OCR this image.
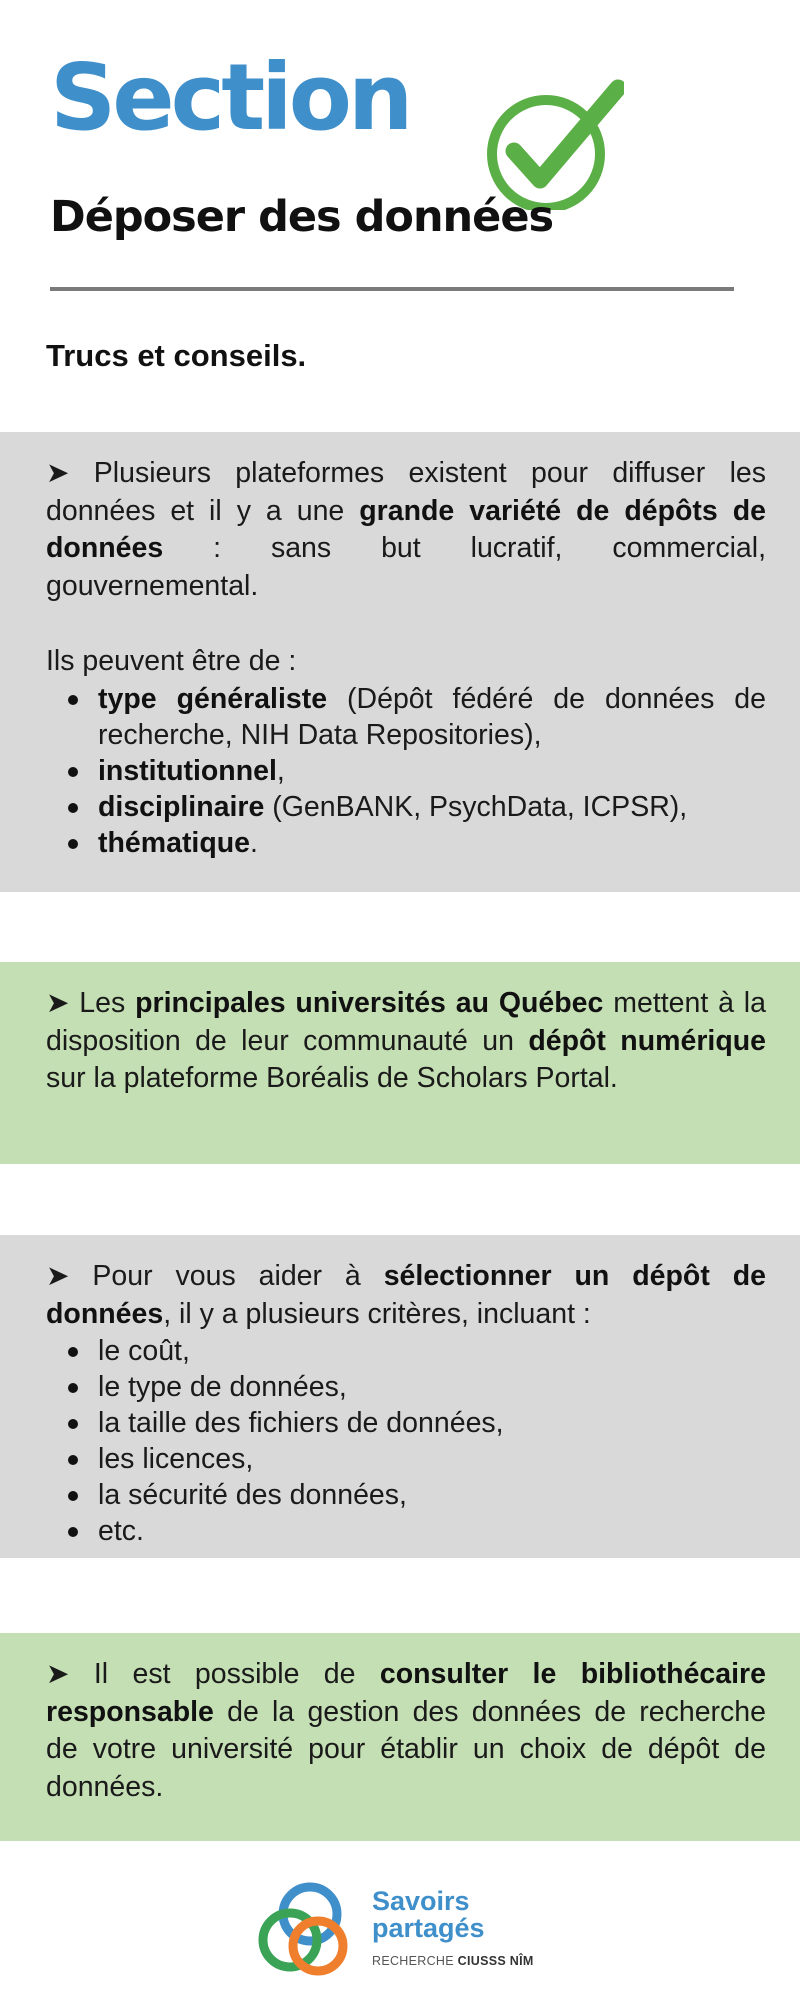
Section
Déposer des données
Trucs et conseils.

➤ Plusieurs plateformes existent pour diffuser les données et il y a une grande variété de dépôts de données : sans but lucratif, commercial, gouvernemental.

Ils peuvent être de :

type généraliste (Dépôt fédéré de données de recherche, NIH Data Repositories),
institutionnel,
disciplinaire (GenBANK, PsychData, ICPSR),
thématique.

➤ Les principales universités au Québec mettent à la disposition de leur communauté un dépôt numérique sur la plateforme Boréalis de Scholars Portal.

➤ Pour vous aider à sélectionner un dépôt de données, il y a plusieurs critères, incluant :

le coût,
le type de données,
la taille des fichiers de données,
les licences,
la sécurité des données,
etc.

➤ Il est possible de consulter le bibliothécaire responsable de la gestion des données de recherche de votre université pour établir un choix de dépôt de données.

Savoirs
partagés

RECHERCHE CIUSSS NÎM
